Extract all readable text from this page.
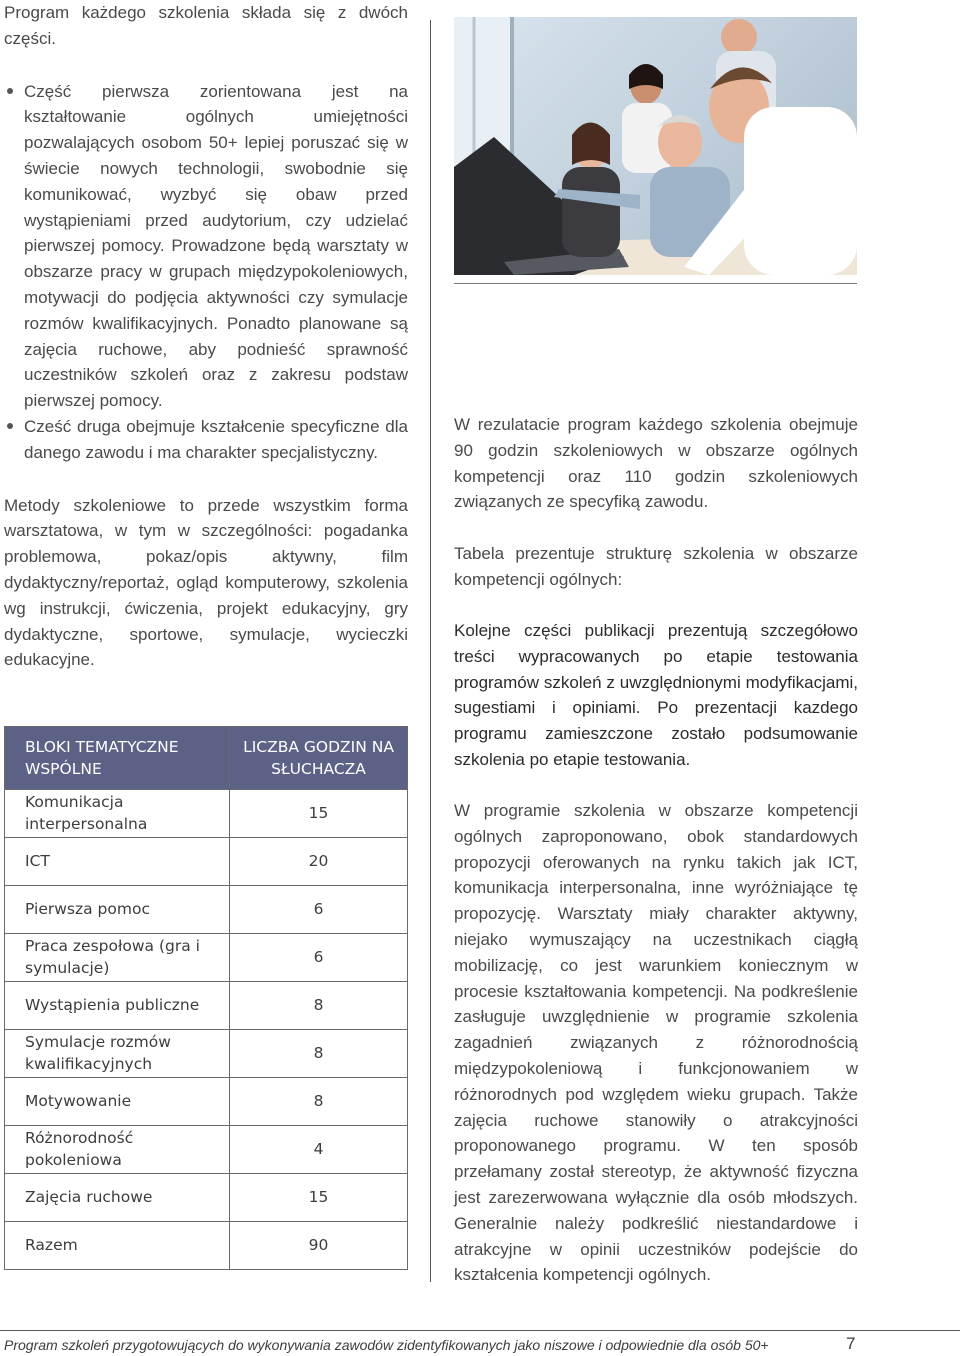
Program każdego szkolenia składa się z dwóch części.

Część pierwsza zorientowana jest na kształtowanie ogólnych umiejętności pozwalających osobom 50+ lepiej poruszać się w świecie nowych technologii, swobodnie się komunikować, wyzbyć się obaw przed wystąpieniami przed audytorium, czy udzielać pierwszej pomocy. Prowadzone będą warsztaty w obszarze pracy w grupach międzypokoleniowych, motywacji do podjęcia aktywności czy symulacje rozmów kwalifikacyjnych. Ponadto planowane są zajęcia ruchowe, aby podnieść sprawność uczestników szkoleń oraz z zakresu podstaw pierwszej pomocy.
Cześć druga obejmuje kształcenie specyficzne dla danego zawodu i ma charakter specjalistyczny.

Metody szkoleniowe to przede wszystkim forma warsztatowa, w tym w szczególności: pogadanka problemowa, pokaz/opis aktywny, film dydaktyczny/reportaż, ogląd komputerowy, szkolenia wg instrukcji, ćwiczenia, projekt edukacyjny, gry dydaktyczne, sportowe, symulacje, wycieczki edukacyjne.

BLOKI TEMATYCZNE WSPÓLNE	LICZBA GODZIN NA SŁUCHACZA
Komunikacja interpersonalna	15
ICT	20
Pierwsza pomoc	6
Praca zespołowa (gra i symulacje)	6
Wystąpienia publiczne	8
Symulacje rozmów kwalifikacyjnych	8
Motywowanie	8
Różnorodność pokoleniowa	4
Zajęcia ruchowe	15
Razem	90

W rezulatacie program każdego szkolenia obejmuje 90 godzin szkoleniowych w obszarze ogólnych kompetencji oraz 110 godzin szkoleniowych związanych ze specyfiką zawodu.

Tabela prezentuje strukturę szkolenia w obszarze kompetencji ogólnych:

Kolejne części publikacji prezentują szczegółowo treści wypracowanych po etapie testowania programów szkoleń z uwzględnionymi modyfikacjami, sugestiami i opiniami. Po prezentacji kazdego programu zamieszczone zostało podsumowanie szkolenia po etapie testowania.

W programie szkolenia w obszarze kompetencji ogólnych zaproponowano, obok standardowych propozycji oferowanych na rynku takich jak ICT, komunikacja interpersonalna, inne wyróżniające tę propozycję. Warsztaty miały charakter aktywny, niejako wymuszający na uczestnikach ciągłą mobilizację, co jest warunkiem koniecznym w procesie kształtowania kompetencji. Na podkreślenie zasługuje uwzględnienie w programie szkolenia zagadnień związanych z różnorodnością międzypokoleniową i funkcjonowaniem w różnorodnych pod względem wieku grupach. Także zajęcia ruchowe stanowiły o atrakcyjności proponowanego programu. W ten sposób przełamany został stereotyp, że aktywność fizyczna jest zarezerwowana wyłącznie dla osób młodszych. Generalnie należy podkreślić niestandardowe i atrakcyjne w opinii uczestników podejście do kształcenia kompetencji ogólnych.

Program szkoleń przygotowujących do wykonywania zawodów zidentyfikowanych jako niszowe i odpowiednie dla osób 50+	7
